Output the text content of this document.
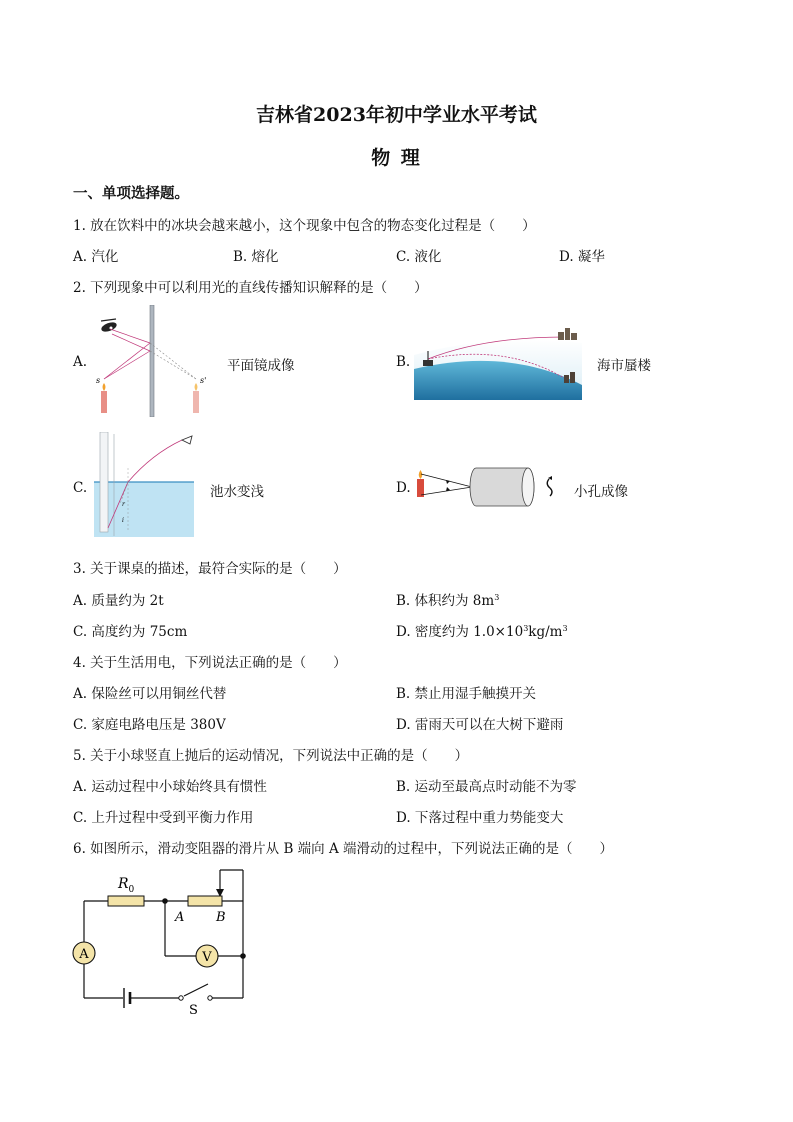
吉林省2023年初中学业水平考试
物 理
一、单项选择题。
1. 放在饮料中的冰块会越来越小，这个现象中包含的物态变化过程是（　　）
A. 汽化	B. 熔化	C. 液化	D. 凝华
2. 下列现象中可以利用光的直线传播知识解释的是（　　）
A.
s	s'
平面镜成像	B.	海市蜃楼
C.
r
i
池水变浅	D.	小孔成像
3. 关于课桌的描述，最符合实际的是（　　）
A. 质量约为 2t	B. 体积约为 $8m^3$
C. 高度约为 75cm	D. 密度约为 $1.0\times 10^3kg/m^3$
4. 关于生活用电，下列说法正确的是（　　）
A. 保险丝可以用铜丝代替	B. 禁止用湿手触摸开关
C. 家庭电路电压是 380V	D. 雷雨天可以在大树下避雨
5. 关于小球竖直上抛后的运动情况，下列说法中正确的是（　　）
A. 运动过程中小球始终具有惯性	B. 运动至最高点时动能不为零
C. 上升过程中受到平衡力作用	D. 下落过程中重力势能变大
6. 如图所示，滑动变阻器的滑片从 B 端向 A 端滑动的过程中，下列说法正确的是（　　）
A	V
$R_0$
A B
S
